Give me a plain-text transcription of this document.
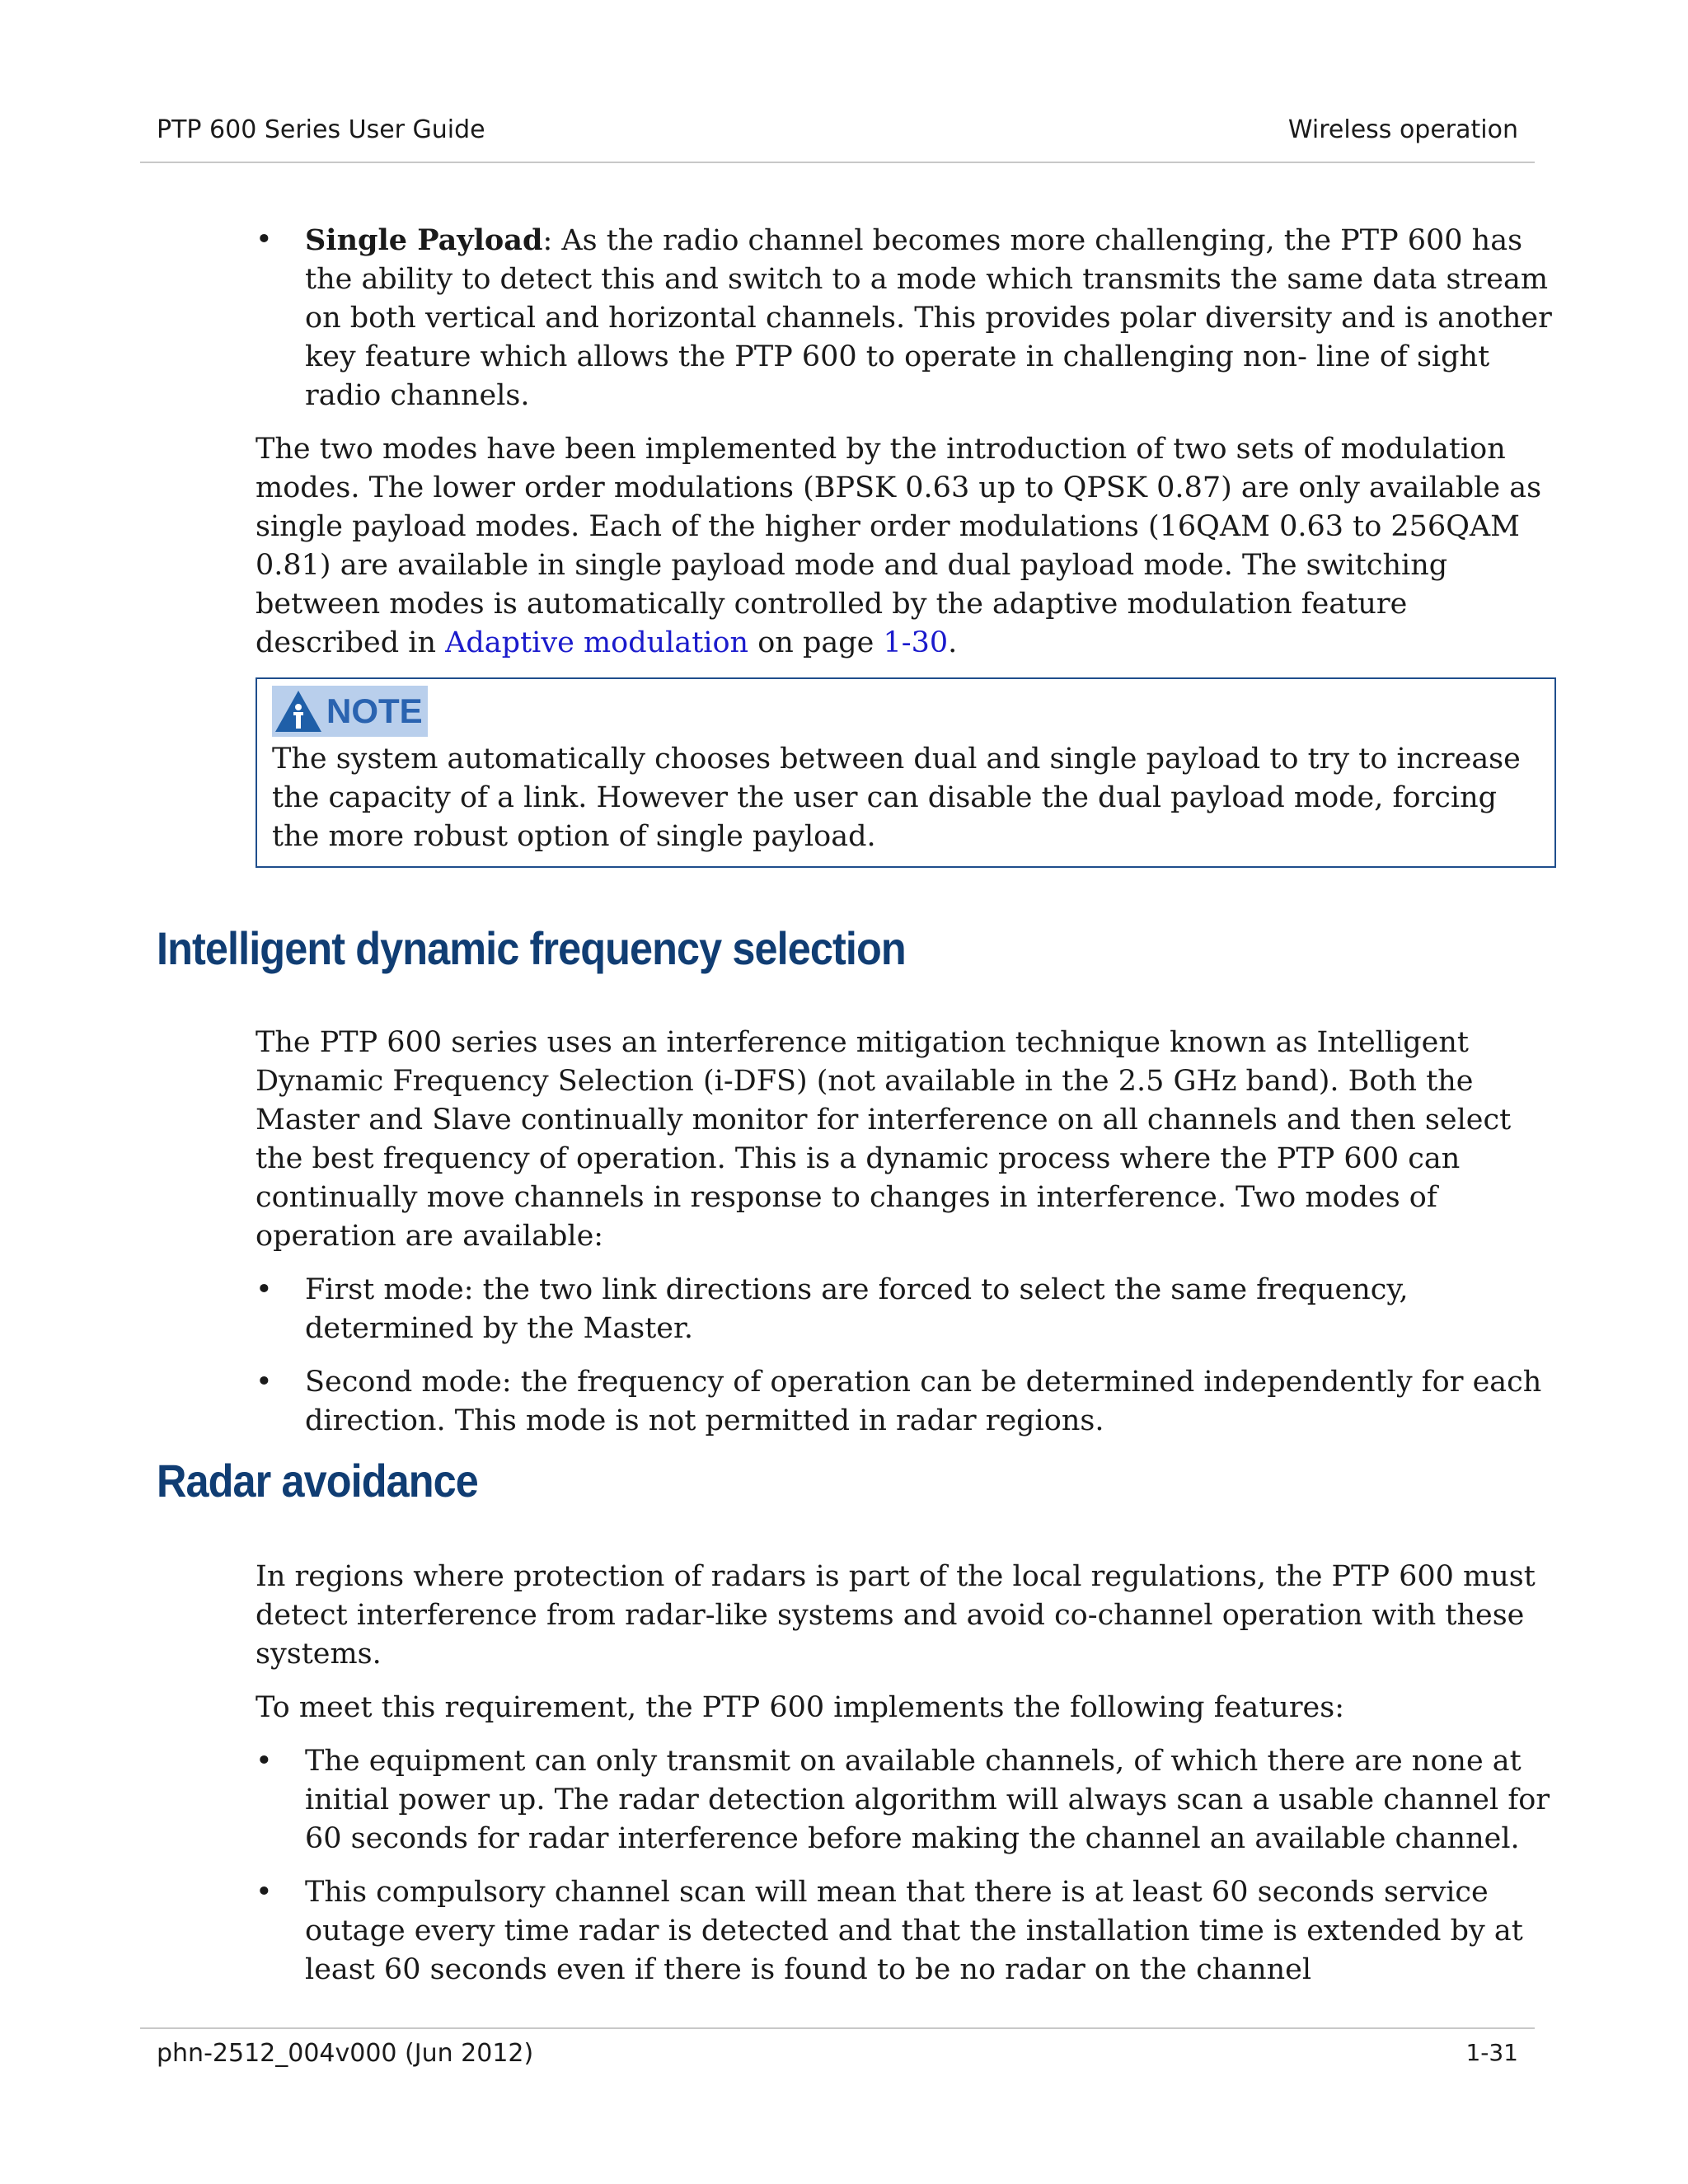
PTP 600 Series User Guide	Wireless operation
• Single Payload: As the radio channel becomes more challenging, the PTP 600 has the ability to detect this and switch to a mode which transmits the same data stream on both vertical and horizontal channels. This provides polar diversity and is another key feature which allows the PTP 600 to operate in challenging non- line of sight radio channels.

The two modes have been implemented by the introduction of two sets of modulation modes. The lower order modulations (BPSK 0.63 up to QPSK 0.87) are only available as single payload modes. Each of the higher order modulations (16QAM 0.63 to 256QAM 0.81) are available in single payload mode and dual payload mode. The switching between modes is automatically controlled by the adaptive modulation feature described in Adaptive modulation on page 1-30.

NOTE
The system automatically chooses between dual and single payload to try to increase the capacity of a link. However the user can disable the dual payload mode, forcing the more robust option of single payload.
Intelligent dynamic frequency selection

The PTP 600 series uses an interference mitigation technique known as Intelligent Dynamic Frequency Selection (i-DFS) (not available in the 2.5 GHz band). Both the Master and Slave continually monitor for interference on all channels and then select the best frequency of operation. This is a dynamic process where the PTP 600 can continually move channels in response to changes in interference. Two modes of operation are available:

• First mode: the two link directions are forced to select the same frequency, determined by the Master.
• Second mode: the frequency of operation can be determined independently for each direction. This mode is not permitted in radar regions.
Radar avoidance

In regions where protection of radars is part of the local regulations, the PTP 600 must detect interference from radar-like systems and avoid co-channel operation with these systems.

To meet this requirement, the PTP 600 implements the following features:

• The equipment can only transmit on available channels, of which there are none at initial power up. The radar detection algorithm will always scan a usable channel for 60 seconds for radar interference before making the channel an available channel.
• This compulsory channel scan will mean that there is at least 60 seconds service outage every time radar is detected and that the installation time is extended by at least 60 seconds even if there is found to be no radar on the channel
phn-2512_004v000 (Jun 2012)	1-31
